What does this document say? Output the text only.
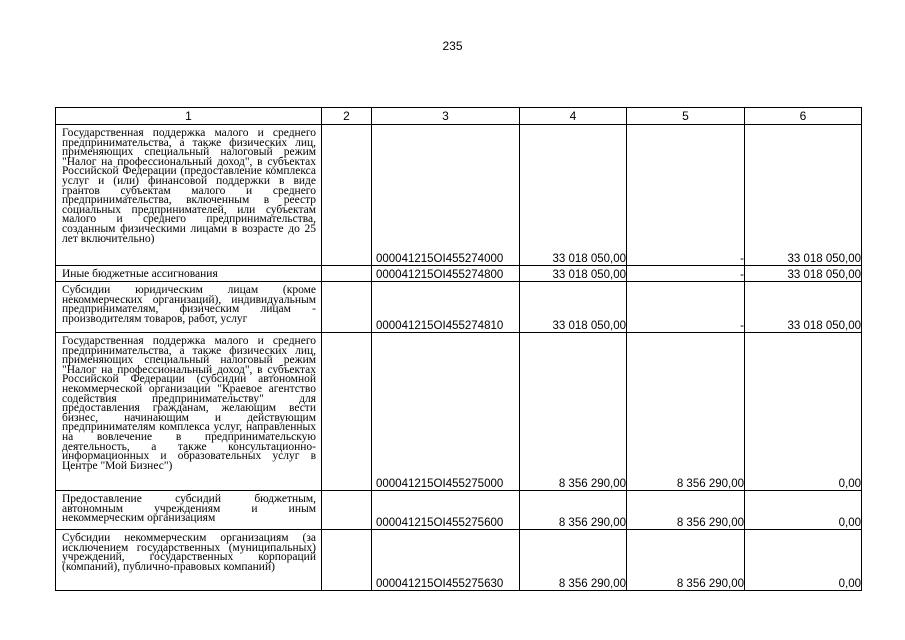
235
1	2	3	4	5	6
Государственная поддержка малого и среднего предпринимательства, а также физических лиц, применяющих специальный налоговый режим "Налог на профессиональный доход", в субъектах Российской Федерации (предоставление комплекса услуг и (или) финансовой поддержки в виде грантов субъектам малого и среднего предпринимательства, включенным в реестр социальных предпринимателей, или субъектам малого и среднего предпринимательства, созданным физическими лицами в возрасте до 25 лет включительно)		000041215OI455274000	33 018 050,00	-	33 018 050,00
Иные бюджетные ассигнования		000041215OI455274800	33 018 050,00	-	33 018 050,00
Субсидии юридическим лицам (кроме некоммерческих организаций), индивидуальным предпринимателям, физическим лицам - производителям товаров, работ, услуг		000041215OI455274810	33 018 050,00	-	33 018 050,00
Государственная поддержка малого и среднего предпринимательства, а также физических лиц, применяющих специальный налоговый режим "Налог на профессиональный доход", в субъектах Российской Федерации (субсидии автономной некоммерческой организации "Краевое агентство содействия предпринимательству" для предоставления гражданам, желающим вести бизнес, начинающим и действующим предпринимателям комплекса услуг, направленных на вовлечение в предпринимательскую деятельность, а также консультационно-информационных и образовательных услуг в Центре "Мой Бизнес")		000041215OI455275000	8 356 290,00	8 356 290,00	0,00
Предоставление субсидий бюджетным, автономным учреждениям и иным некоммерческим организациям		000041215OI455275600	8 356 290,00	8 356 290,00	0,00
Субсидии некоммерческим организациям (за исключением государственных (муниципальных) учреждений, государственных корпораций (компаний), публично-правовых компаний)		000041215OI455275630	8 356 290,00	8 356 290,00	0,00
